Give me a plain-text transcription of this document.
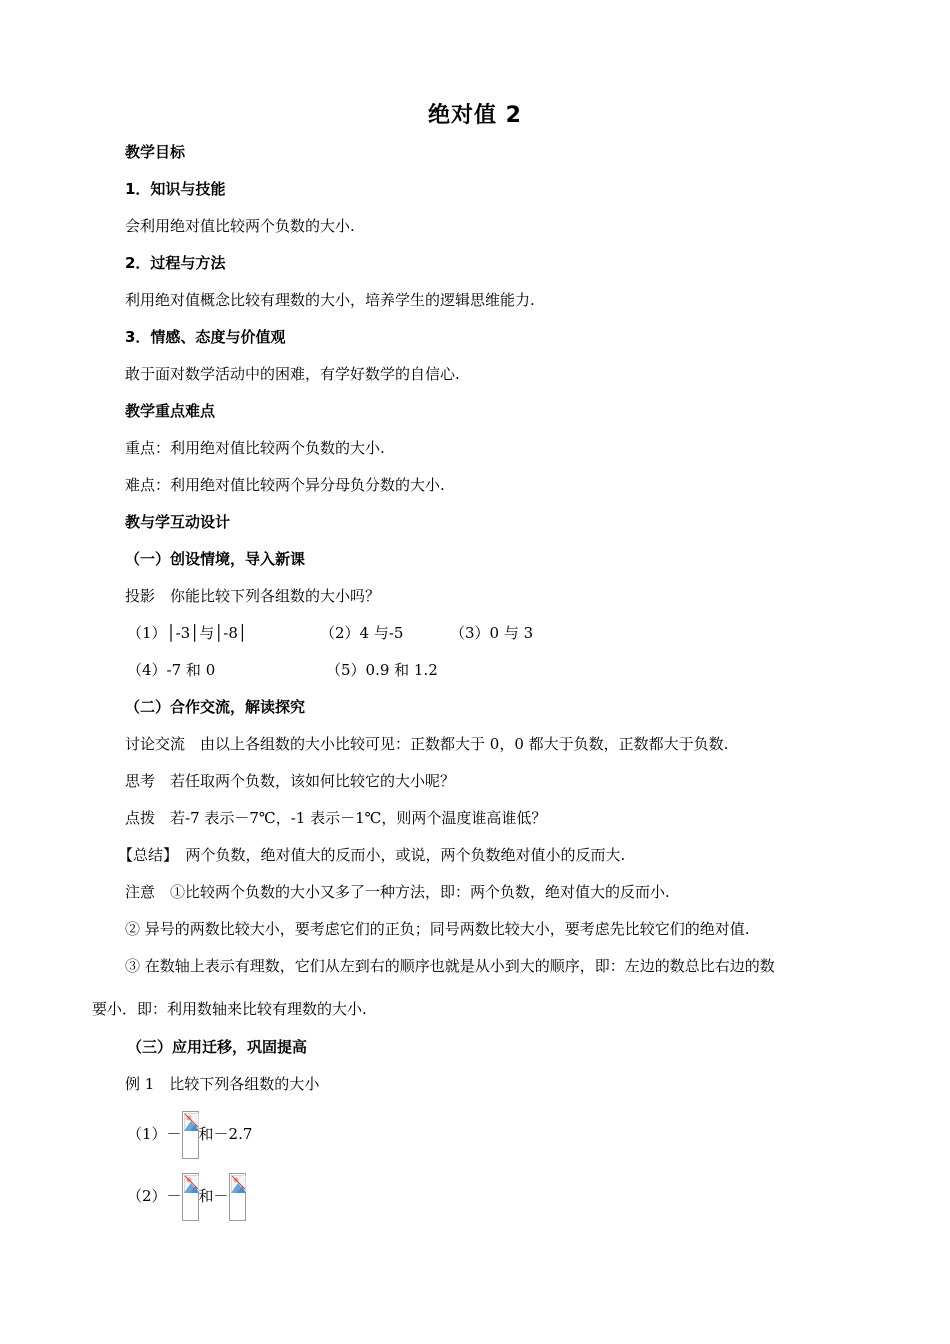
绝对值 2
教学目标
1．知识与技能
会利用绝对值比较两个负数的大小.
2．过程与方法
利用绝对值概念比较有理数的大小，培养学生的逻辑思维能力.
3．情感、态度与价值观
敢于面对数学活动中的困难，有学好数学的自信心.
教学重点难点
重点：利用绝对值比较两个负数的大小.
难点：利用绝对值比较两个异分母负分数的大小.
教与学互动设计
（一）创设情境，导入新课
投影　你能比较下列各组数的大小吗？
（1）│-3│与│-8│	（2）4 与-5	（3）0 与 3
（4）-7 和 0	（5）0.9 和 1.2
（二）合作交流，解读探究
讨论交流　由以上各组数的大小比较可见：正数都大于 0，0 都大于负数，正数都大于负数.
思考　若任取两个负数，该如何比较它的大小呢？
点拨　若-7 表示－7℃，-1 表示－1℃，则两个温度谁高谁低？
【总结】　两个负数，绝对值大的反而小，或说，两个负数绝对值小的反而大.
注意　①比较两个负数的大小又多了一种方法，即：两个负数，绝对值大的反而小.
② 异号的两数比较大小，要考虑它们的正负；同号两数比较大小，要考虑先比较它们的绝对值.
③ 在数轴上表示有理数，它们从左到右的顺序也就是从小到大的顺序，即：左边的数总比右边的数
要小．即：利用数轴来比较有理数的大小.
（三）应用迁移，巩固提高
例 1　比较下列各组数的大小
（1）－ 和－2.7
（2）－ 和－
